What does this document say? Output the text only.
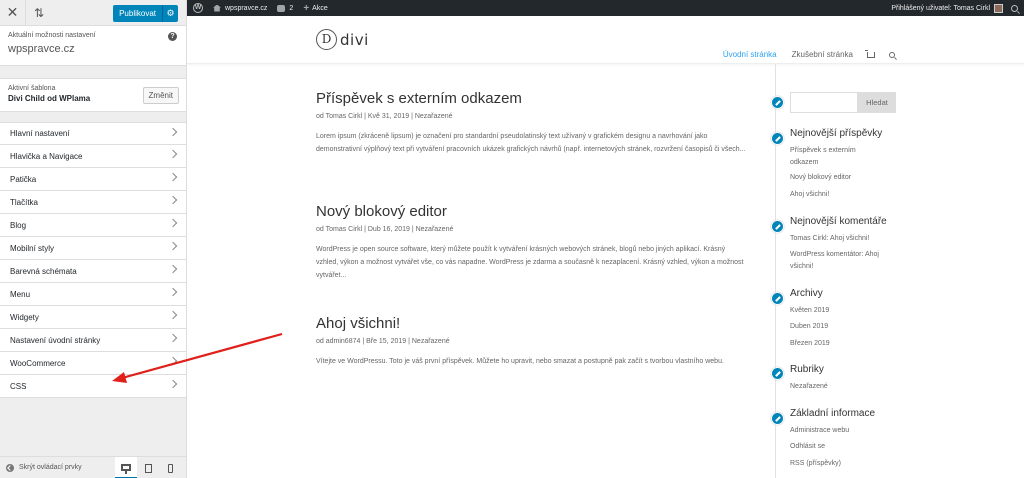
✕	⇅	Publikovat	⚙
Aktuální možnosti nastavení
wpspravce.cz
?
Aktivní šablona
Divi Child od WPlama	Změnit
Hlavní nastavení
Hlavička a Navigace
Patička
Tlačítka
Blog
Mobilní styly
Barevná schémata
Menu
Widgety
Nastavení úvodní stránky
WooCommerce
CSS
Skrýt ovládací prvky
W	wpspravce.cz	2 + Akce	Přihlášený uživatel: Tomas Cirkl
D divi
Úvodní stránka Zkušební stránka
Příspěvek s externím odkazem
od Tomas Cirkl | Kvě 31, 2019 | Nezařazené
Lorem ipsum (zkráceně lipsum) je označení pro standardní pseudolatinský text užívaný v grafickém designu a navrhování jako demonstrativní výplňový text při vytváření pracovních ukázek grafických návrhů (např. internetových stránek, rozvržení časopisů či všech...
Nový blokový editor
od Tomas Cirkl | Dub 16, 2019 | Nezařazené
WordPress je open source software, který můžete použít k vytváření krásných webových stránek, blogů nebo jiných aplikací. Krásný vzhled, výkon a možnost vytvářet vše, co vás napadne. WordPress je zdarma a současně k nezaplacení. Krásný vzhled, výkon a možnost vytvářet...
Ahoj všichni!
od admin6874 | Bře 15, 2019 | Nezařazené
Vítejte ve WordPressu. Toto je váš první příspěvek. Můžete ho upravit, nebo smazat a postupně pak začít s tvorbou vlastního webu.
Hledat
Nejnovější příspěvky
Příspěvek s externím odkazem
Nový blokový editor
Ahoj všichni!
Nejnovější komentáře
Tomas Cirkl: Ahoj všichni!
WordPress komentátor: Ahoj všichni!
Archivy
Květen 2019
Duben 2019
Březen 2019
Rubriky
Nezařazené
Základní informace
Administrace webu
Odhlásit se
RSS (příspěvky)
